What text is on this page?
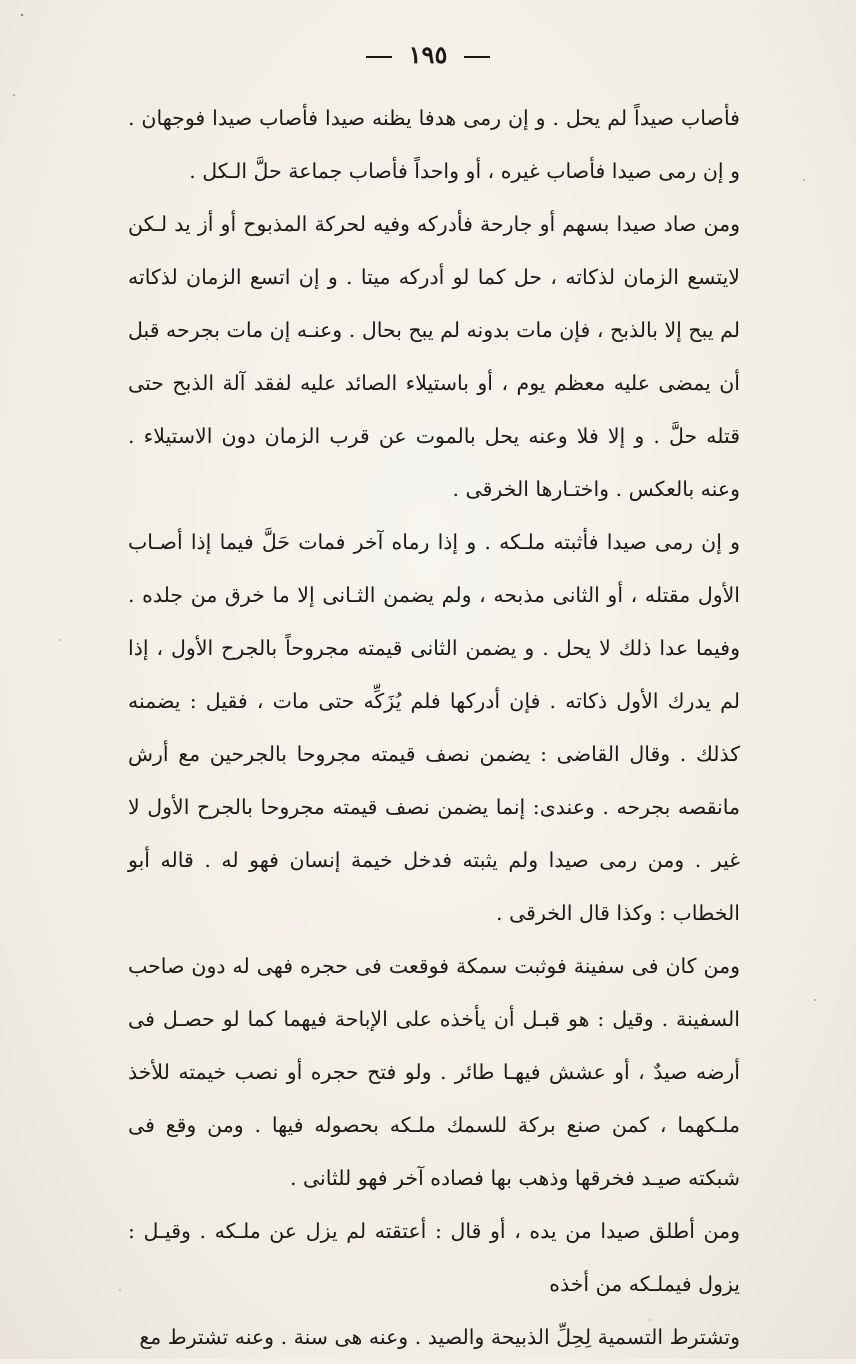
١٩٥

فأصاب صيداً لم يحل . و إن رمى هدفا يظنه صيدا فأصاب صيدا فوجهان . و إن رمى صيدا فأصاب غيره ، أو واحداً فأصاب جماعة حلَّ الـكل .

ومن صاد صيدا بسهم أو جارحة فأدركه وفيه لحركة المذبوح أو أز يد لـكن لايتسع الزمان لذكاته ، حل كما لو أدركه ميتا . و إن اتسع الزمان لذكاته لم يبح إلا بالذبح ، فإن مات بدونه لم يبح بحال . وعنـه إن مات بجرحه قبل أن يمضى عليه معظم يوم ، أو باستيلاء الصائد عليه لفقد آلة الذبح حتى قتله حلَّ . و إلا فلا وعنه يحل بالموت عن قرب الزمان دون الاستيلاء . وعنه بالعكس . واختـارها الخرقى .

و إن رمى صيدا فأثبته ملـكه . و إذا رماه آخر فمات حَلَّ فيما إذا أصـاب الأول مقتله ، أو الثانى مذبحه ، ولم يضمن الثـانى إلا ما خرق من جلده . وفيما عدا ذلك لا يحل . و يضمن الثانى قيمته مجروحاً بالجرح الأول ، إذا لم يدرك الأول ذكاته . فإن أدركها فلم يُزَكِّه حتى مات ، فقيل : يضمنه كذلك . وقال القاضى : يضمن نصف قيمته مجروحا بالجرحين مع أرش مانقصه بجرحه . وعندى: إنما يضمن نصف قيمته مجروحا بالجرح الأول لا غير . ومن رمى صيدا ولم يثبته فدخل خيمة إنسان فهو له . قاله أبو الخطاب : وكذا قال الخرقى .

ومن كان فى سفينة فوثبت سمكة فوقعت فى حجره فهى له دون صاحب السفينة . وقيل : هو قبـل أن يأخذه على الإباحة فيهما كما لو حصـل فى أرضه صيدٌ ، أو عشش فيهـا طائر . ولو فتح حجره أو نصب خيمته للأخذ ملـكهما ، كمن صنع بركة للسمك ملـكه بحصوله فيها . ومن وقع فى شبكته صيـد فخرقها وذهب بها فصاده آخر فهو للثانى .

ومن أطلق صيدا من يده ، أو قال : أعتقته لم يزل عن ملـكه . وقيـل : يزول فيملـكه من أخذه

وتشترط التسمية لِحِلِّ الذبيحة والصيد . وعنه هى سنة . وعنه تشترط مع
